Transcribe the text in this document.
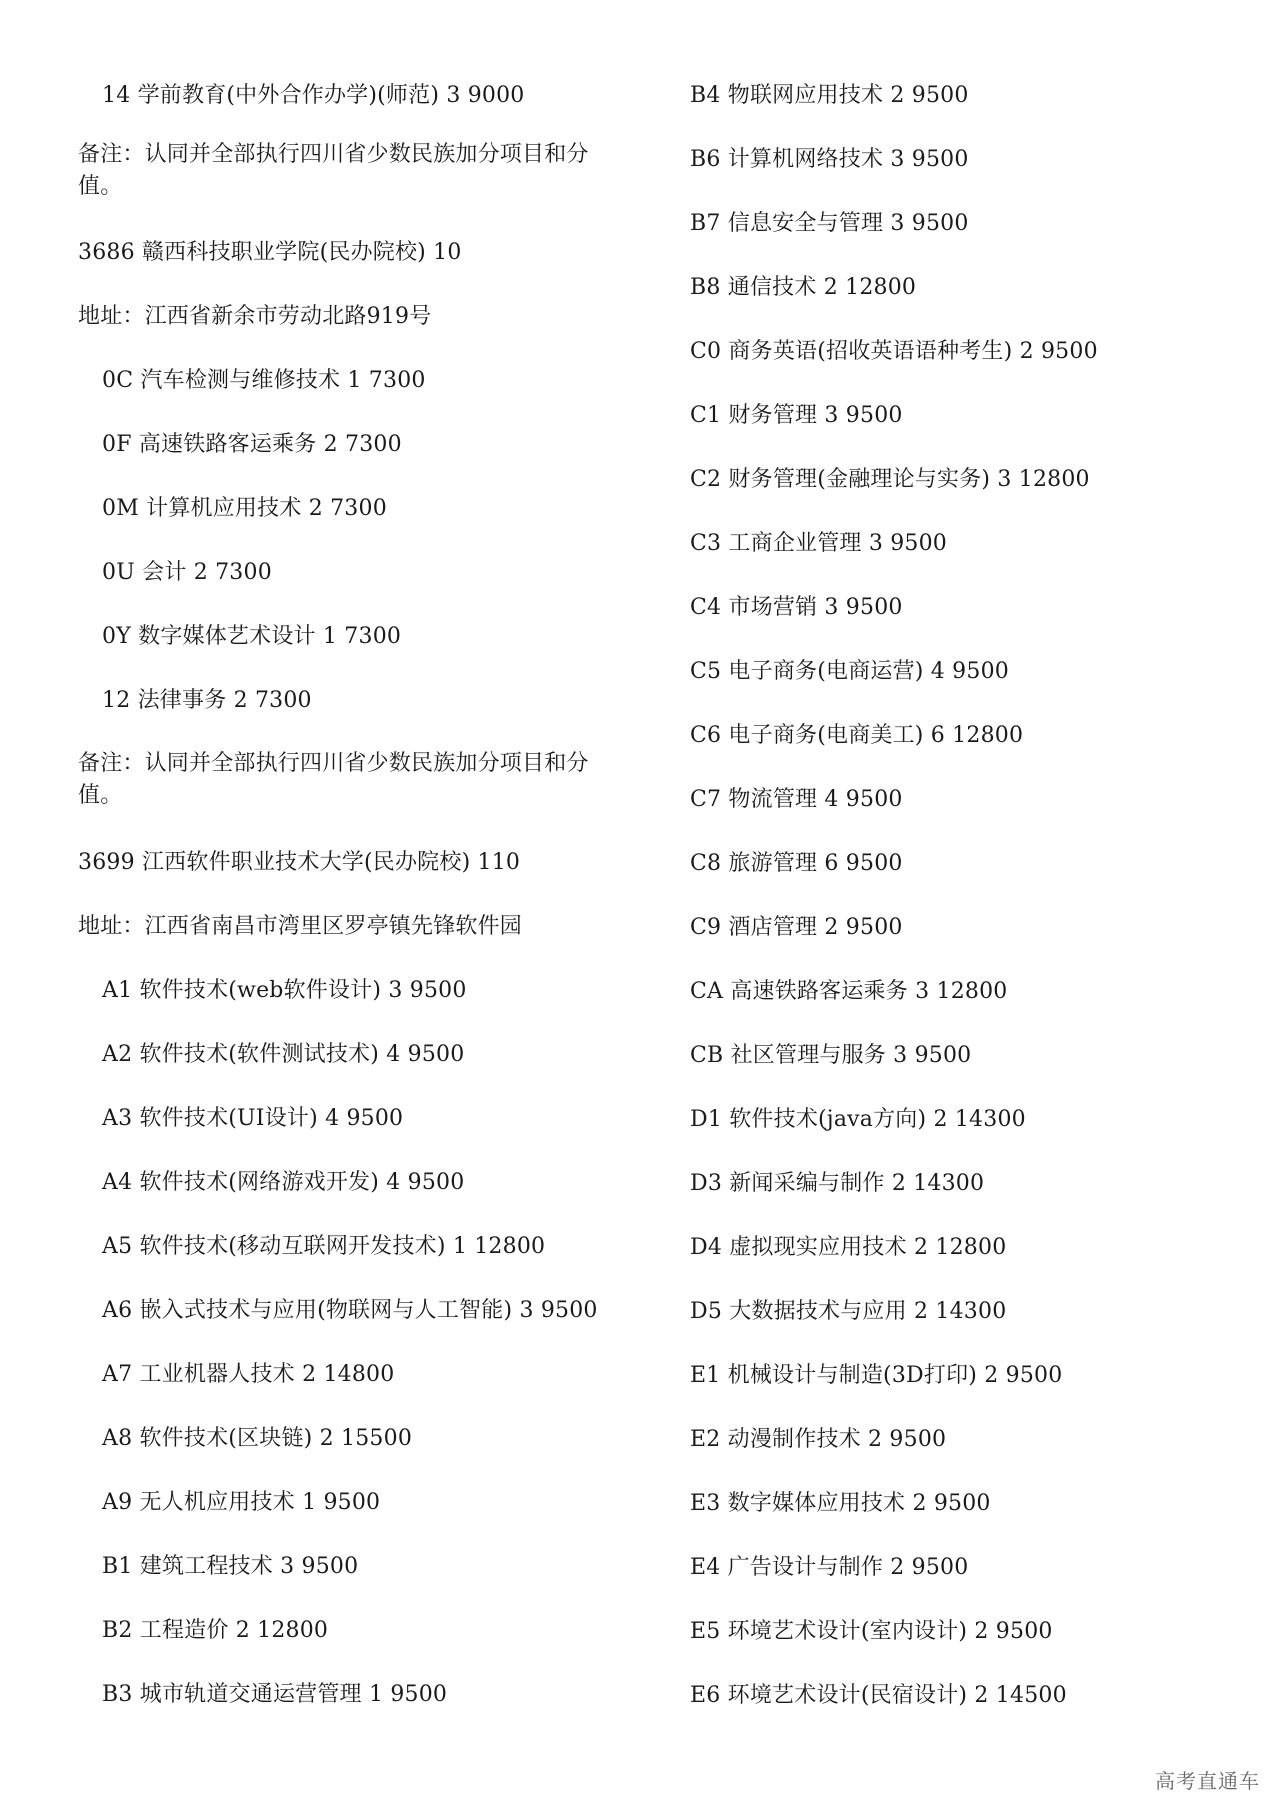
14 学前教育(中外合作办学)(师范) 3 9000
备注：认同并全部执行四川省少数民族加分项目和分值。
3686 赣西科技职业学院(民办院校) 10
地址：江西省新余市劳动北路919号
0C 汽车检测与维修技术 1 7300
0F 高速铁路客运乘务 2 7300
0M 计算机应用技术 2 7300
0U 会计 2 7300
0Y 数字媒体艺术设计 1 7300
12 法律事务 2 7300
备注：认同并全部执行四川省少数民族加分项目和分值。
3699 江西软件职业技术大学(民办院校) 110
地址：江西省南昌市湾里区罗亭镇先锋软件园
A1 软件技术(web软件设计) 3 9500
A2 软件技术(软件测试技术) 4 9500
A3 软件技术(UI设计) 4 9500
A4 软件技术(网络游戏开发) 4 9500
A5 软件技术(移动互联网开发技术) 1 12800
A6 嵌入式技术与应用(物联网与人工智能) 3 9500
A7 工业机器人技术 2 14800
A8 软件技术(区块链) 2 15500
A9 无人机应用技术 1 9500
B1 建筑工程技术 3 9500
B2 工程造价 2 12800
B3 城市轨道交通运营管理 1 9500
B4 物联网应用技术 2 9500
B6 计算机网络技术 3 9500
B7 信息安全与管理 3 9500
B8 通信技术 2 12800
C0 商务英语(招收英语语种考生) 2 9500
C1 财务管理 3 9500
C2 财务管理(金融理论与实务) 3 12800
C3 工商企业管理 3 9500
C4 市场营销 3 9500
C5 电子商务(电商运营) 4 9500
C6 电子商务(电商美工) 6 12800
C7 物流管理 4 9500
C8 旅游管理 6 9500
C9 酒店管理 2 9500
CA 高速铁路客运乘务 3 12800
CB 社区管理与服务 3 9500
D1 软件技术(java方向) 2 14300
D3 新闻采编与制作 2 14300
D4 虚拟现实应用技术 2 12800
D5 大数据技术与应用 2 14300
E1 机械设计与制造(3D打印) 2 9500
E2 动漫制作技术 2 9500
E3 数字媒体应用技术 2 9500
E4 广告设计与制作 2 9500
E5 环境艺术设计(室内设计) 2 9500
E6 环境艺术设计(民宿设计) 2 14500
高考直通车
